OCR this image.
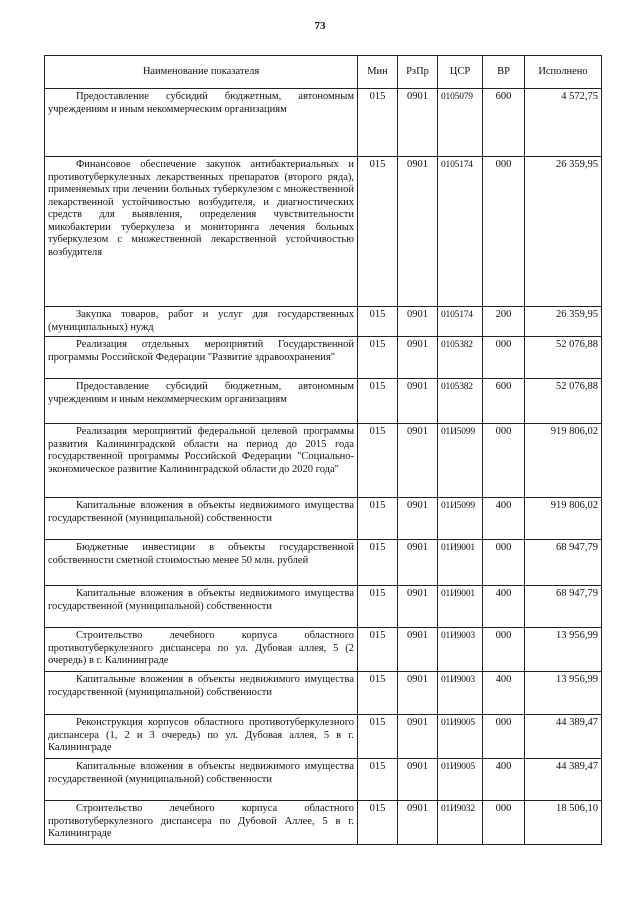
73
Наименование показателя	Мин	РзПр	ЦСР	ВР	Исполнено

Предоставление субсидий бюджетным, автономным учреждениям и иным некоммерческим организациям	015	0901	0105079	600	4 572,75

Финансовое обеспечение закупок антибактериальных и противотуберкулезных лекарственных препаратов (второго ряда), применяемых при лечении больных туберкулезом с множественной лекарственной устойчивостью возбудителя, и диагностических средств для выявления, определения чувствительности микобактерии туберкулеза и мониторинга лечения больных туберкулезом с множественной лекарственной устойчивостью возбудителя	015	0901	0105174	000	26 359,95

Закупка товаров, работ и услуг для государственных (муниципальных) нужд	015	0901	0105174	200	26 359,95

Реализация отдельных мероприятий Государственной программы Российской Федерации "Развитие здравоохранения"	015	0901	0105382	000	52 076,88

Предоставление субсидий бюджетным, автономным учреждениям и иным некоммерческим организациям	015	0901	0105382	600	52 076,88

Реализация мероприятий федеральной целевой программы развития Калининградской области на период до 2015 года государственной программы Российской Федерации "Социально-экономическое развитие Калининградской области до 2020 года"	015	0901	01И5099	000	919 806,02

Капитальные вложения в объекты недвижимого имущества государственной (муниципальной) собственности	015	0901	01И5099	400	919 806,02

Бюджетные инвестиции в объекты государственной собственности сметной стоимостью менее 50 млн. рублей	015	0901	01И9001	000	68 947,79

Капитальные вложения в объекты недвижимого имущества государственной (муниципальной) собственности	015	0901	01И9001	400	68 947,79

Строительство лечебного корпуса областного противотуберкулезного диспансера по ул. Дубовая аллея, 5 (2 очередь) в г. Калининграде	015	0901	01И9003	000	13 956,99

Капитальные вложения в объекты недвижимого имущества государственной (муниципальной) собственности	015	0901	01И9003	400	13 956,99

Реконструкция корпусов областного противотуберкулезного диспансера (1, 2 и 3 очередь) по ул. Дубовая аллея, 5 в г. Калининграде	015	0901	01И9005	000	44 389,47

Капитальные вложения в объекты недвижимого имущества государственной (муниципальной) собственности	015	0901	01И9005	400	44 389,47

Строительство лечебного корпуса областного противотуберкулезного диспансера по Дубовой Аллее, 5 в г. Калининграде	015	0901	01И9032	000	18 506,10
